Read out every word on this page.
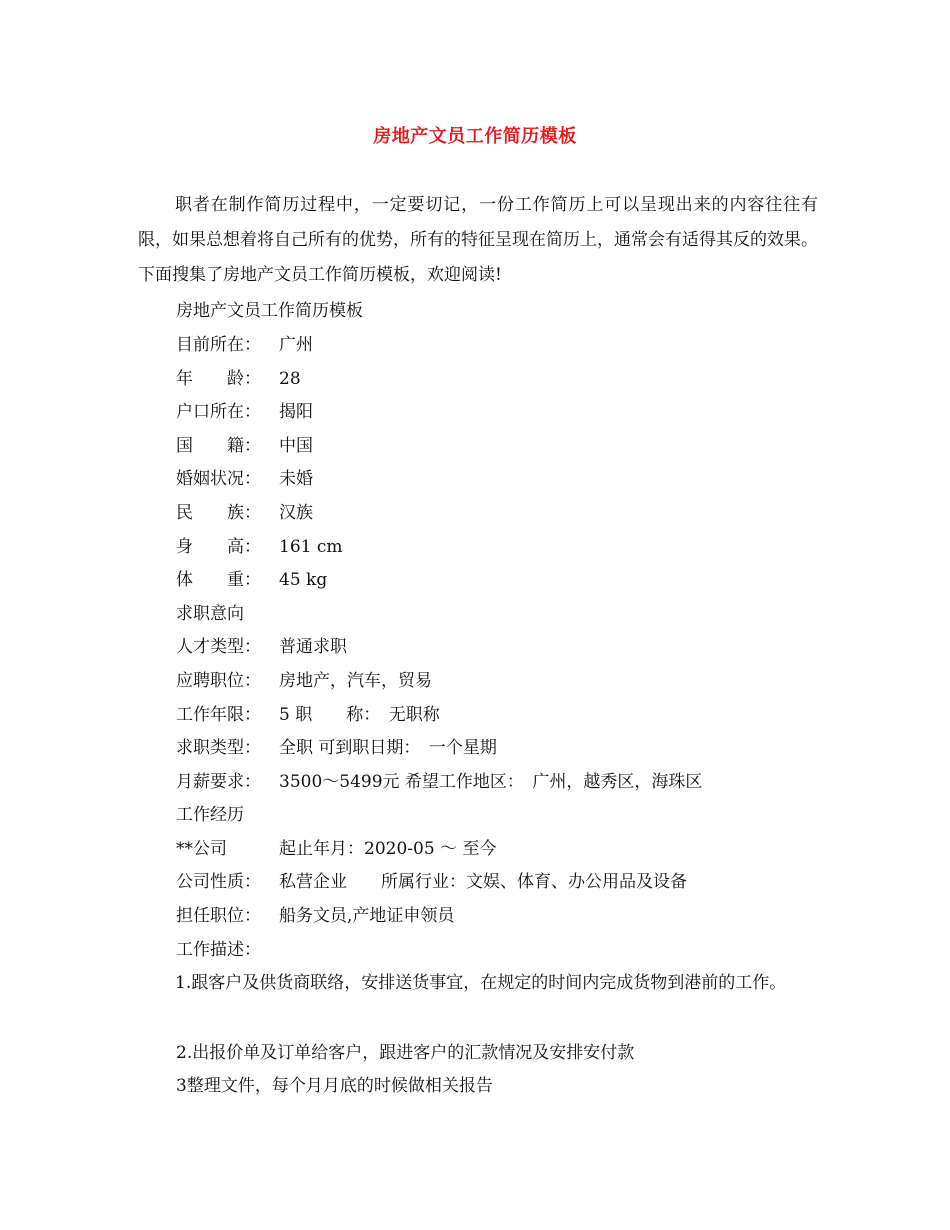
房地产文员工作简历模板

职者在制作简历过程中，一定要切记，一份工作简历上可以呈现出来的内容往往有限，如果总想着将自己所有的优势，所有的特征呈现在简历上，通常会有适得其反的效果。下面搜集了房地产文员工作简历模板，欢迎阅读!

房地产文员工作简历模板
目前所在： 广州
年　　龄： 28
户口所在： 揭阳
国　　籍： 中国
婚姻状况： 未婚
民　　族： 汉族
身　　高： 161 cm
体　　重： 45 kg
求职意向
人才类型： 普通求职
应聘职位： 房地产，汽车，贸易
工作年限： 5 职　　称：　无职称
求职类型： 全职 可到职日期：　一个星期
月薪要求： 3500～5499元 希望工作地区：　广州，越秀区，海珠区
工作经历
**公司	起止年月：2020-05 ～ 至今
公司性质： 私营企业　　所属行业：文娱、体育、办公用品及设备
担任职位： 船务文员,产地证申领员
工作描述：

1.跟客户及供货商联络，安排送货事宜，在规定的时间内完成货物到港前的工作。

2.出报价单及订单给客户，跟进客户的汇款情况及安排安付款
3整理文件，每个月月底的时候做相关报告
